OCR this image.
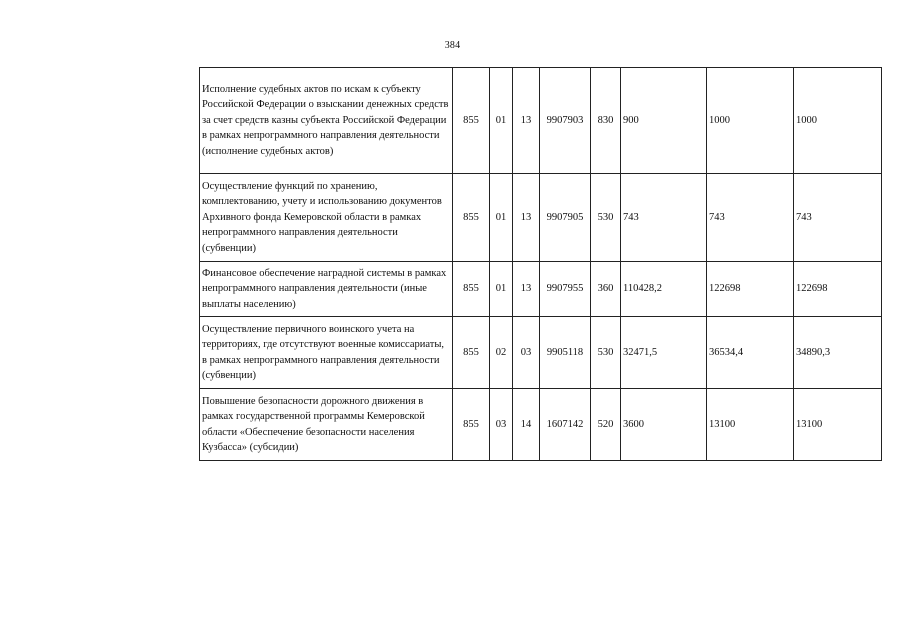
384
Исполнение судебных актов по искам к субъекту Российской Федерации о взыскании денежных средств за счет средств казны субъекта Российской Федерации в рамках непрограммного направления деятельности (исполнение судебных актов)	855	01	13	9907903	830	900	1000	1000
Осуществление функций по хранению, комплектованию, учету и использованию документов Архивного фонда Кемеровской области в рамках непрограммного направления деятельности (субвенции)	855	01	13	9907905	530	743	743	743
Финансовое обеспечение наградной системы в рамках непрограммного направления деятельности (иные выплаты населению)	855	01	13	9907955	360	110428,2	122698	122698
Осуществление первичного воинского учета на территориях, где отсутствуют военные комиссариаты, в рамках непрограммного направления деятельности (субвенции)	855	02	03	9905118	530	32471,5	36534,4	34890,3
Повышение безопасности дорожного движения в рамках государственной программы Кемеровской области «Обеспечение безопасности населения Кузбасса» (субсидии)	855	03	14	1607142	520	3600	13100	13100
